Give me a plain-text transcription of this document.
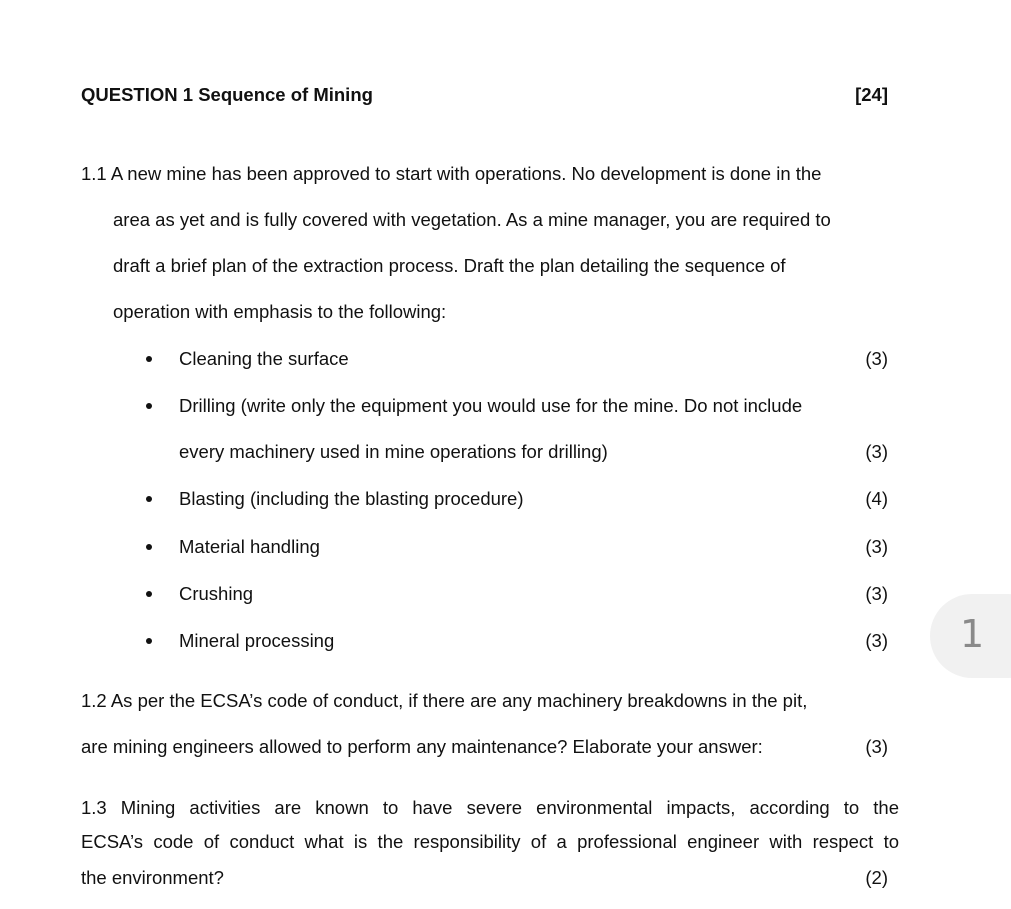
QUESTION 1 Sequence of Mining	[24]
1.1 A new mine has been approved to start with operations. No development is done in the
area as yet and is fully covered with vegetation. As a mine manager, you are required to
draft a brief plan of the extraction process. Draft the plan detailing the sequence of
operation with emphasis to the following:
Cleaning the surface	(3)
Drilling (write only the equipment you would use for the mine. Do not include
every machinery used in mine operations for drilling)	(3)
Blasting (including the blasting procedure)	(4)
Material handling	(3)
Crushing	(3)
Mineral processing	(3) 1
1.2 As per the ECSA’s code of conduct, if there are any machinery breakdowns in the pit,
are mining engineers allowed to perform any maintenance? Elaborate your answer:	(3)
1.3 Mining activities are known to have severe environmental impacts, according to the
ECSA’s code of conduct what is the responsibility of a professional engineer with respect to
the environment?	(2)
